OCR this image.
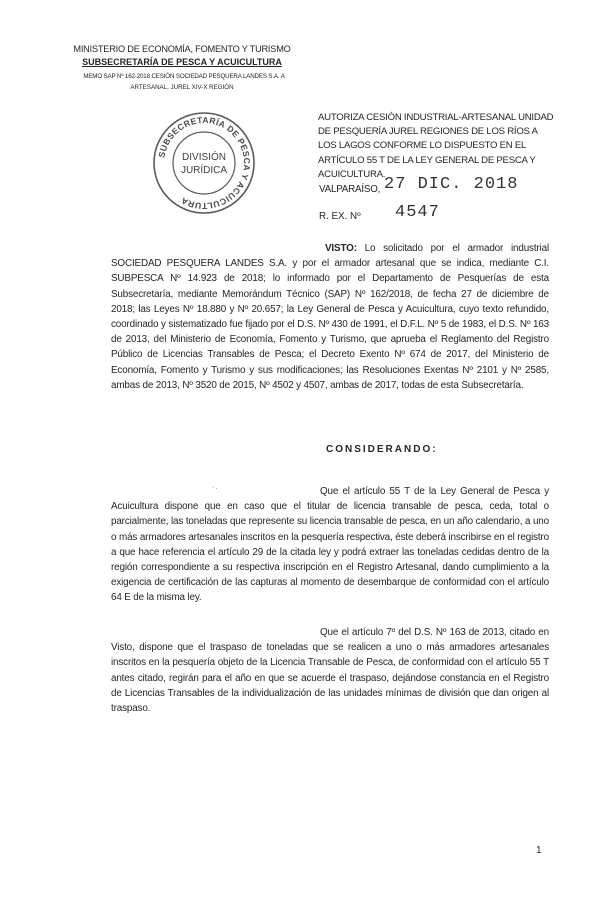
MINISTERIO DE ECONOMÍA, FOMENTO Y TURISMO
SUBSECRETARÍA DE PESCA Y ACUICULTURA
MEMO SAP Nº 162-2018 CESIÓN SOCIEDAD PESQUERA LANDES S.A. A
ARTESANAL, JUREL XIV-X REGIÓN
SUBSECRETARÍA DE PESCA Y ACUICULTURA
DIVISIÓN
JURÍDICA

AUTORIZA CESIÓN INDUSTRIAL-ARTESANAL UNIDAD DE PESQUERÍA JUREL REGIONES DE LOS RÍOS A LOS LAGOS CONFORME LO DISPUESTO EN EL ARTÍCULO 55 T DE LA LEY GENERAL DE PESCA Y ACUICULTURA.

VALPARAÍSO, 27 DIC. 2018
R. EX. Nº 4547

VISTO: Lo solicitado por el armador industrial SOCIEDAD PESQUERA LANDES S.A. y por el armador artesanal que se indica, mediante C.I. SUBPESCA Nº 14.923 de 2018; lo informado por el Departamento de Pesquerías de esta Subsecretaría, mediante Memorándum Técnico (SAP) Nº 162/2018, de fecha 27 de diciembre de 2018; las Leyes Nº 18.880 y Nº 20.657; la Ley General de Pesca y Acuicultura, cuyo texto refundido, coordinado y sistematizado fue fijado por el D.S. Nº 430 de 1991, el D.F.L. Nº 5 de 1983, el D.S. Nº 163 de 2013, del Ministerio de Economía, Fomento y Turismo, que aprueba el Reglamento del Registro Público de Licencias Transables de Pesca; el Decreto Exento Nº 674 de 2017, del Ministerio de Economía, Fomento y Turismo y sus modificaciones; las Resoluciones Exentas Nº 2101 y Nº 2585, ambas de 2013, Nº 3520 de 2015, Nº 4502 y 4507, ambas de 2017, todas de esta Subsecretaría.

CONSIDERANDO:
·.	Que el artículo 55 T de la Ley General de Pesca y Acuicultura dispone que en caso que el titular de licencia transable de pesca, ceda, total o parcialmente, las toneladas que represente su licencia transable de pesca, en un año calendario, a uno o más armadores artesanales inscritos en la pesquería respectiva, éste deberá inscribirse en el registro a que hace referencia el artículo 29 de la citada ley y podrá extraer las toneladas cedidas dentro de la región correspondiente a su respectiva inscripción en el Registro Artesanal, dando cumplimiento a la exigencia de certificación de las capturas al momento de desembarque de conformidad con el artículo 64 E de la misma ley.

Que el artículo 7º del D.S. Nº 163 de 2013, citado en Visto, dispone que el traspaso de toneladas que se realicen a uno o más armadores artesanales inscritos en la pesquería objeto de la Licencia Transable de Pesca, de conformidad con el artículo 55 T antes citado, regirán para el año en que se acuerde el traspaso, dejándose constancia en el Registro de Licencias Transables de la individualización de las unidades mínimas de división que dan origen al traspaso.

1
